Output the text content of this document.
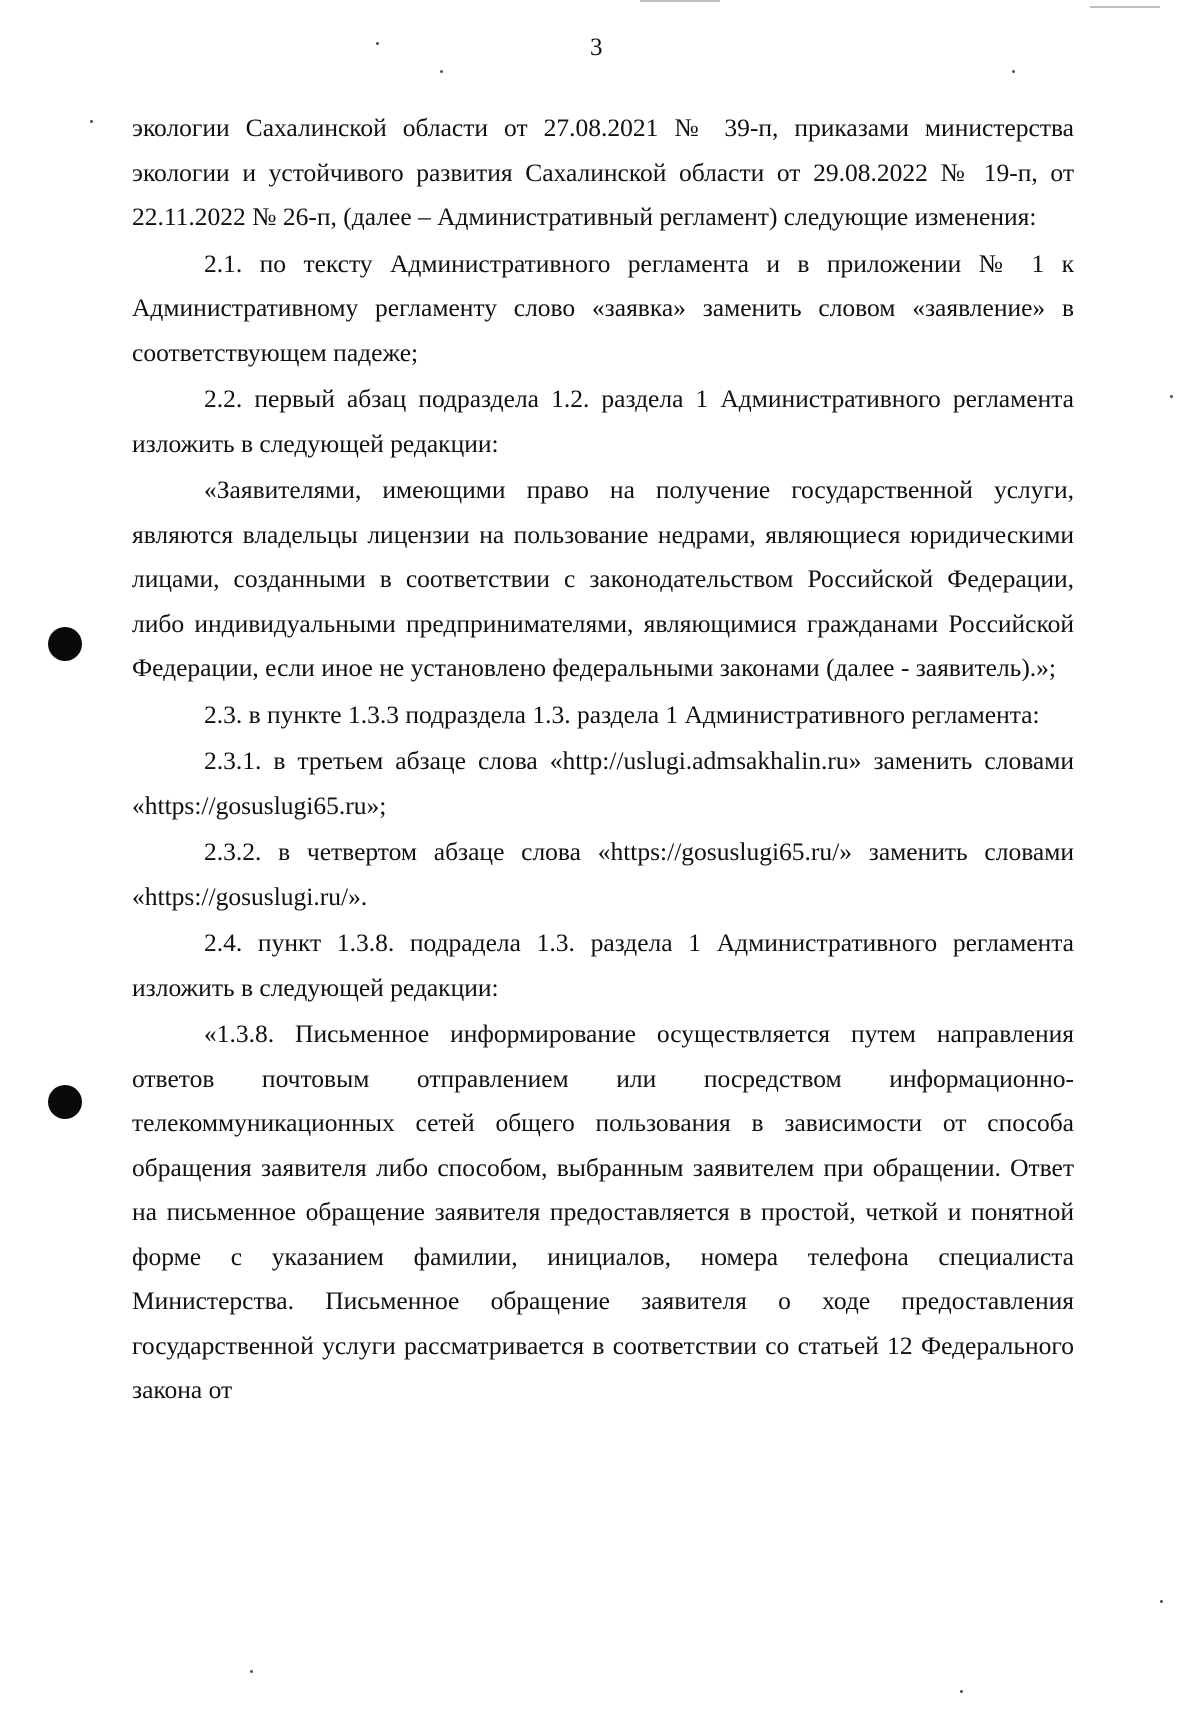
3

экологии Сахалинской области от 27.08.2021 № 39-п, приказами министерства экологии и устойчивого развития Сахалинской области от 29.08.2022 № 19-п, от 22.11.2022 № 26-п, (далее – Административный регламент) следующие изменения:

2.1. по тексту Административного регламента и в приложении № 1 к Административному регламенту слово «заявка» заменить словом «заявление» в соответствующем падеже;

2.2. первый абзац подраздела 1.2. раздела 1 Административного регламента изложить в следующей редакции:

«Заявителями, имеющими право на получение государственной услуги, являются владельцы лицензии на пользование недрами, являющиеся юридическими лицами, созданными в соответствии с законодательством Российской Федерации, либо индивидуальными предпринимателями, являющимися гражданами Российской Федерации, если иное не установлено федеральными законами (далее - заявитель).»;

2.3. в пункте 1.3.3 подраздела 1.3. раздела 1 Административного регламента:

2.3.1. в третьем абзаце слова «http://uslugi.admsakhalin.ru» заменить словами «https://gosuslugi65.ru»;

2.3.2. в четвертом абзаце слова «https://gosuslugi65.ru/» заменить словами «https://gosuslugi.ru/».

2.4. пункт 1.3.8. подрадела 1.3. раздела 1 Административного регламента изложить в следующей редакции:

«1.3.8. Письменное информирование осуществляется путем направления ответов почтовым отправлением или посредством информационно-телекоммуникационных сетей общего пользования в зависимости от способа обращения заявителя либо способом, выбранным заявителем при обращении. Ответ на письменное обращение заявителя предоставляется в простой, четкой и понятной форме с указанием фамилии, инициалов, номера телефона специалиста Министерства. Письменное обращение заявителя о ходе предоставления государственной услуги рассматривается в соответствии со статьей 12 Федерального закона от
